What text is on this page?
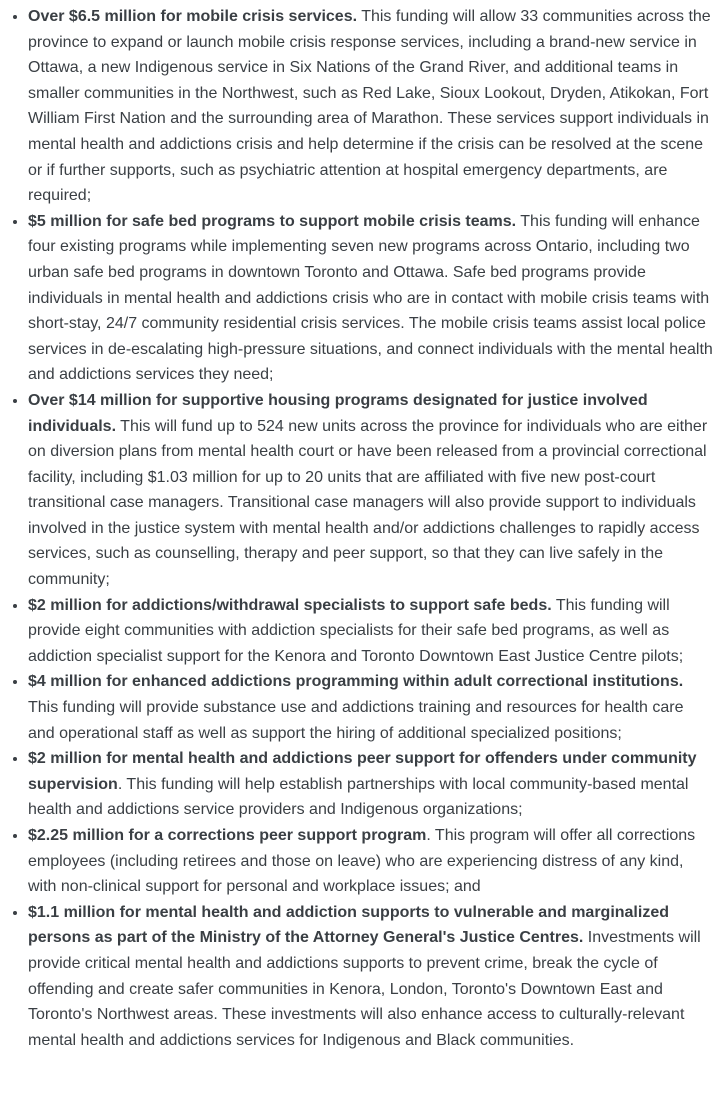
• Over $6.5 million for mobile crisis services. This funding will allow 33 communities across the province to expand or launch mobile crisis response services, including a brand-new service in Ottawa, a new Indigenous service in Six Nations of the Grand River, and additional teams in smaller communities in the Northwest, such as Red Lake, Sioux Lookout, Dryden, Atikokan, Fort William First Nation and the surrounding area of Marathon. These services support individuals in mental health and addictions crisis and help determine if the crisis can be resolved at the scene or if further supports, such as psychiatric attention at hospital emergency departments, are required;
• $5 million for safe bed programs to support mobile crisis teams. This funding will enhance four existing programs while implementing seven new programs across Ontario, including two urban safe bed programs in downtown Toronto and Ottawa. Safe bed programs provide individuals in mental health and addictions crisis who are in contact with mobile crisis teams with short-stay, 24/7 community residential crisis services. The mobile crisis teams assist local police services in de-escalating high-pressure situations, and connect individuals with the mental health and addictions services they need;
• Over $14 million for supportive housing programs designated for justice involved individuals. This will fund up to 524 new units across the province for individuals who are either on diversion plans from mental health court or have been released from a provincial correctional facility, including $1.03 million for up to 20 units that are affiliated with five new post-court transitional case managers. Transitional case managers will also provide support to individuals involved in the justice system with mental health and/or addictions challenges to rapidly access services, such as counselling, therapy and peer support, so that they can live safely in the community;
• $2 million for addictions/withdrawal specialists to support safe beds. This funding will provide eight communities with addiction specialists for their safe bed programs, as well as addiction specialist support for the Kenora and Toronto Downtown East Justice Centre pilots;
• $4 million for enhanced addictions programming within adult correctional institutions. This funding will provide substance use and addictions training and resources for health care and operational staff as well as support the hiring of additional specialized positions;
• $2 million for mental health and addictions peer support for offenders under community supervision. This funding will help establish partnerships with local community-based mental health and addictions service providers and Indigenous organizations;
• $2.25 million for a corrections peer support program. This program will offer all corrections employees (including retirees and those on leave) who are experiencing distress of any kind, with non-clinical support for personal and workplace issues; and
• $1.1 million for mental health and addiction supports to vulnerable and marginalized persons as part of the Ministry of the Attorney General's Justice Centres. Investments will provide critical mental health and addictions supports to prevent crime, break the cycle of offending and create safer communities in Kenora, London, Toronto's Downtown East and Toronto's Northwest areas. These investments will also enhance access to culturally-relevant mental health and addictions services for Indigenous and Black communities.
